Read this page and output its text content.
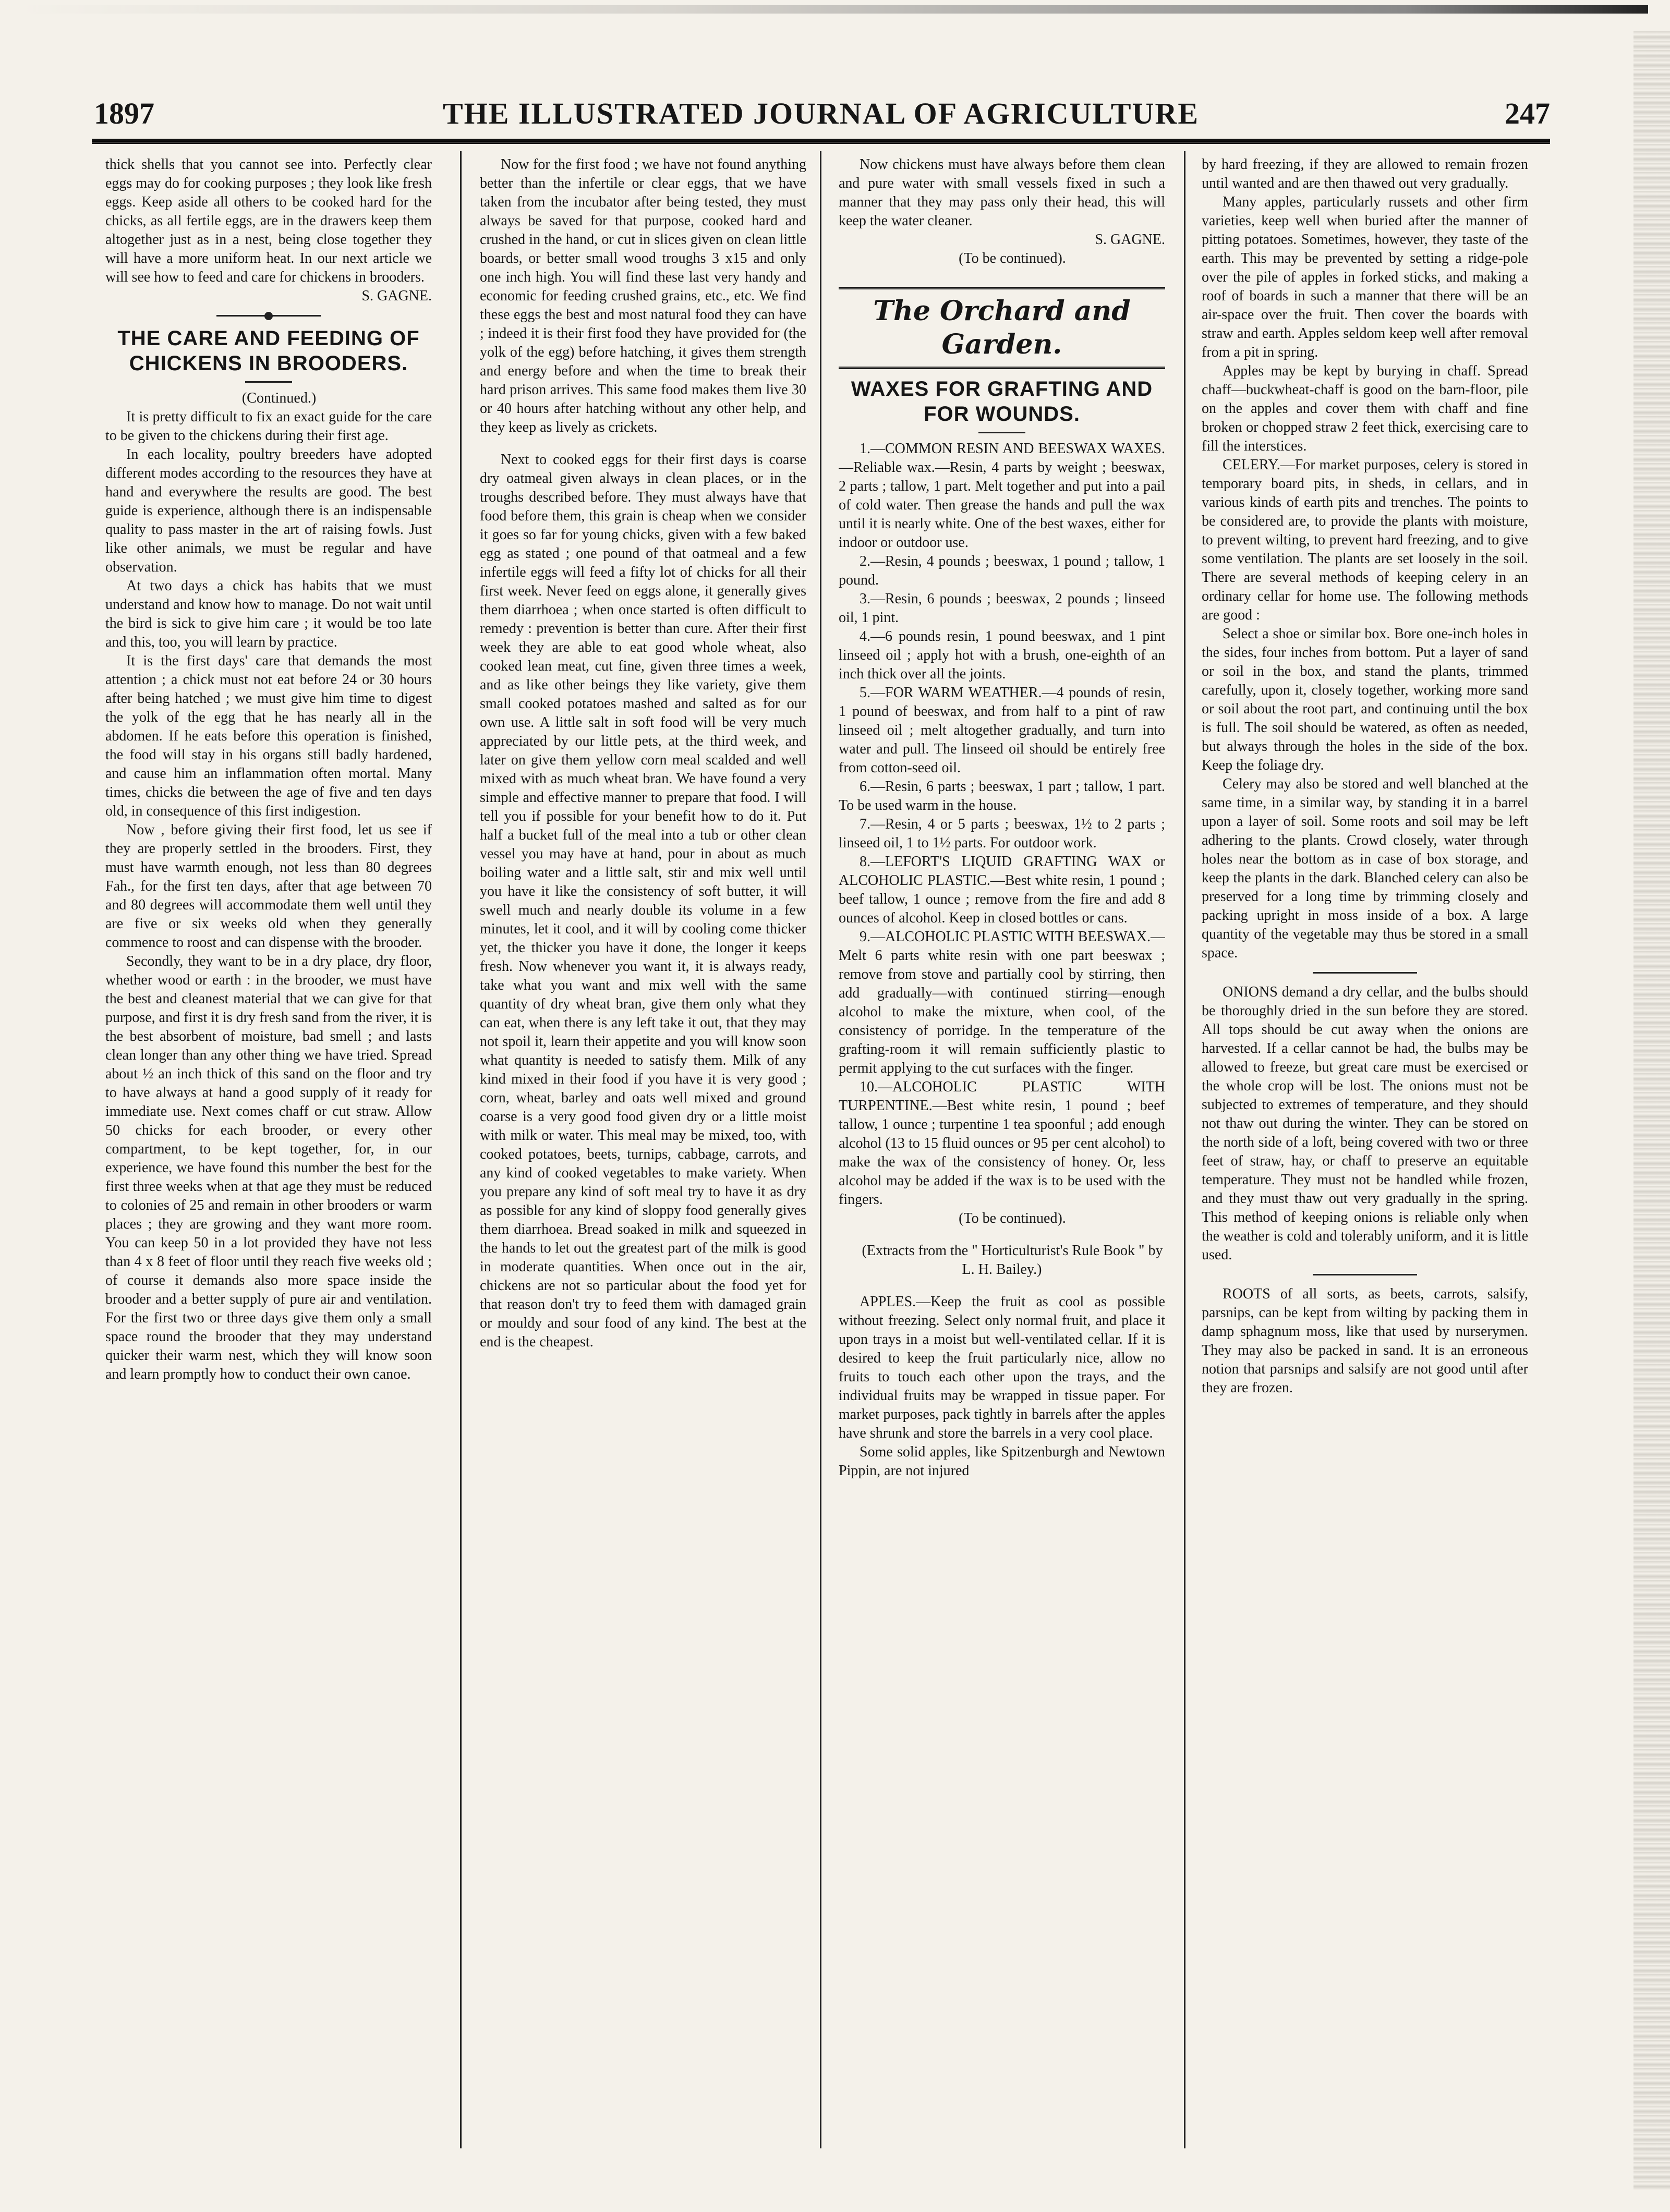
1897	THE ILLUSTRATED JOURNAL OF AGRICULTURE	247

thick shells that you cannot see into. Perfectly clear eggs may do for cooking purposes ; they look like fresh eggs. Keep aside all others to be cooked hard for the chicks, as all fertile eggs, are in the drawers keep them altogether just as in a nest, being close together they will have a more uniform heat. In our next article we will see how to feed and care for chickens in brooders.

S. GAGNE.

THE CARE AND FEEDING OF CHICKENS IN BROODERS.

(Continued.)

It is pretty difficult to fix an exact guide for the care to be given to the chickens during their first age.

In each locality, poultry breeders have adopted different modes according to the resources they have at hand and everywhere the results are good. The best guide is experience, although there is an indispensable quality to pass master in the art of raising fowls. Just like other animals, we must be regular and have observation.

At two days a chick has habits that we must understand and know how to manage. Do not wait until the bird is sick to give him care ; it would be too late and this, too, you will learn by practice.

It is the first days' care that demands the most attention ; a chick must not eat before 24 or 30 hours after being hatched ; we must give him time to digest the yolk of the egg that he has nearly all in the abdomen. If he eats before this operation is finished, the food will stay in his organs still badly hardened, and cause him an inflammation often mortal. Many times, chicks die between the age of five and ten days old, in consequence of this first indigestion.

Now , before giving their first food, let us see if they are properly settled in the brooders. First, they must have warmth enough, not less than 80 degrees Fah., for the first ten days, after that age between 70 and 80 degrees will accommodate them well until they are five or six weeks old when they generally commence to roost and can dispense with the brooder.

Secondly, they want to be in a dry place, dry floor, whether wood or earth : in the brooder, we must have the best and cleanest material that we can give for that purpose, and first it is dry fresh sand from the river, it is the best absorbent of moisture, bad smell ; and lasts clean longer than any other thing we have tried. Spread about ½ an inch thick of this sand on the floor and try to have always at hand a good supply of it ready for immediate use. Next comes chaff or cut straw. Allow 50 chicks for each brooder, or every other compartment, to be kept together, for, in our experience, we have found this number the best for the first three weeks when at that age they must be reduced to colonies of 25 and remain in other brooders or warm places ; they are growing and they want more room. You can keep 50 in a lot provided they have not less than 4 x 8 feet of floor until they reach five weeks old ; of course it demands also more space inside the brooder and a better supply of pure air and ventilation. For the first two or three days give them only a small space round the brooder that they may understand quicker their warm nest, which they will know soon and learn promptly how to conduct their own canoe.

Now for the first food ; we have not found anything better than the infertile or clear eggs, that we have taken from the incubator after being tested, they must always be saved for that purpose, cooked hard and crushed in the hand, or cut in slices given on clean little boards, or better small wood troughs 3 x15 and only one inch high. You will find these last very handy and economic for feeding crushed grains, etc., etc. We find these eggs the best and most natural food they can have ; indeed it is their first food they have provided for (the yolk of the egg) before hatching, it gives them strength and energy before and when the time to break their hard prison arrives. This same food makes them live 30 or 40 hours after hatching without any other help, and they keep as lively as crickets.

Next to cooked eggs for their first days is coarse dry oatmeal given always in clean places, or in the troughs described before. They must always have that food before them, this grain is cheap when we consider it goes so far for young chicks, given with a few baked egg as stated ; one pound of that oatmeal and a few infertile eggs will feed a fifty lot of chicks for all their first week. Never feed on eggs alone, it generally gives them diarrhoea ; when once started is often difficult to remedy : prevention is better than cure. After their first week they are able to eat good whole wheat, also cooked lean meat, cut fine, given three times a week, and as like other beings they like variety, give them small cooked potatoes mashed and salted as for our own use. A little salt in soft food will be very much appreciated by our little pets, at the third week, and later on give them yellow corn meal scalded and well mixed with as much wheat bran. We have found a very simple and effective manner to prepare that food. I will tell you if possible for your benefit how to do it. Put half a bucket full of the meal into a tub or other clean vessel you may have at hand, pour in about as much boiling water and a little salt, stir and mix well until you have it like the consistency of soft butter, it will swell much and nearly double its volume in a few minutes, let it cool, and it will by cooling come thicker yet, the thicker you have it done, the longer it keeps fresh. Now whenever you want it, it is always ready, take what you want and mix well with the same quantity of dry wheat bran, give them only what they can eat, when there is any left take it out, that they may not spoil it, learn their appetite and you will know soon what quantity is needed to satisfy them. Milk of any kind mixed in their food if you have it is very good ; corn, wheat, barley and oats well mixed and ground coarse is a very good food given dry or a little moist with milk or water. This meal may be mixed, too, with cooked potatoes, beets, turnips, cabbage, carrots, and any kind of cooked vegetables to make variety. When you prepare any kind of soft meal try to have it as dry as possible for any kind of sloppy food generally gives them diarrhoea. Bread soaked in milk and squeezed in the hands to let out the greatest part of the milk is good in moderate quantities. When once out in the air, chickens are not so particular about the food yet for that reason don't try to feed them with damaged grain or mouldy and sour food of any kind. The best at the end is the cheapest.

Now chickens must have always before them clean and pure water with small vessels fixed in such a manner that they may pass only their head, this will keep the water cleaner.

S. GAGNE.

(To be continued).

The Orchard and Garden.
WAXES FOR GRAFTING AND FOR WOUNDS.

1.—COMMON RESIN AND BEESWAX WAXES.—Reliable wax.—Resin, 4 parts by weight ; beeswax, 2 parts ; tallow, 1 part. Melt together and put into a pail of cold water. Then grease the hands and pull the wax until it is nearly white. One of the best waxes, either for indoor or outdoor use.

2.—Resin, 4 pounds ; beeswax, 1 pound ; tallow, 1 pound.

3.—Resin, 6 pounds ; beeswax, 2 pounds ; linseed oil, 1 pint.

4.—6 pounds resin, 1 pound beeswax, and 1 pint linseed oil ; apply hot with a brush, one-eighth of an inch thick over all the joints.

5.—FOR WARM WEATHER.—4 pounds of resin, 1 pound of beeswax, and from half to a pint of raw linseed oil ; melt altogether gradually, and turn into water and pull. The linseed oil should be entirely free from cotton-seed oil.

6.—Resin, 6 parts ; beeswax, 1 part ; tallow, 1 part. To be used warm in the house.

7.—Resin, 4 or 5 parts ; beeswax, 1½ to 2 parts ; linseed oil, 1 to 1½ parts. For outdoor work.

8.—LEFORT'S LIQUID GRAFTING WAX or ALCOHOLIC PLASTIC.—Best white resin, 1 pound ; beef tallow, 1 ounce ; remove from the fire and add 8 ounces of alcohol. Keep in closed bottles or cans.

9.—ALCOHOLIC PLASTIC WITH BEESWAX.—Melt 6 parts white resin with one part beeswax ; remove from stove and partially cool by stirring, then add gradually—with continued stirring—enough alcohol to make the mixture, when cool, of the consistency of porridge. In the temperature of the grafting-room it will remain sufficiently plastic to permit applying to the cut surfaces with the finger.

10.—ALCOHOLIC PLASTIC WITH TURPENTINE.—Best white resin, 1 pound ; beef tallow, 1 ounce ; turpentine 1 tea spoonful ; add enough alcohol (13 to 15 fluid ounces or 95 per cent alcohol) to make the wax of the consistency of honey. Or, less alcohol may be added if the wax is to be used with the fingers.

(To be continued).

(Extracts from the " Horticulturist's Rule Book " by L. H. Bailey.)

APPLES.—Keep the fruit as cool as possible without freezing. Select only normal fruit, and place it upon trays in a moist but well-ventilated cellar. If it is desired to keep the fruit particularly nice, allow no fruits to touch each other upon the trays, and the individual fruits may be wrapped in tissue paper. For market purposes, pack tightly in barrels after the apples have shrunk and store the barrels in a very cool place.

Some solid apples, like Spitzenburgh and Newtown Pippin, are not injured

by hard freezing, if they are allowed to remain frozen until wanted and are then thawed out very gradually.

Many apples, particularly russets and other firm varieties, keep well when buried after the manner of pitting potatoes. Sometimes, however, they taste of the earth. This may be prevented by setting a ridge-pole over the pile of apples in forked sticks, and making a roof of boards in such a manner that there will be an air-space over the fruit. Then cover the boards with straw and earth. Apples seldom keep well after removal from a pit in spring.

Apples may be kept by burying in chaff. Spread chaff—buckwheat-chaff is good on the barn-floor, pile on the apples and cover them with chaff and fine broken or chopped straw 2 feet thick, exercising care to fill the interstices.

CELERY.—For market purposes, celery is stored in temporary board pits, in sheds, in cellars, and in various kinds of earth pits and trenches. The points to be considered are, to provide the plants with moisture, to prevent wilting, to prevent hard freezing, and to give some ventilation. The plants are set loosely in the soil. There are several methods of keeping celery in an ordinary cellar for home use. The following methods are good :

Select a shoe or similar box. Bore one-inch holes in the sides, four inches from bottom. Put a layer of sand or soil in the box, and stand the plants, trimmed carefully, upon it, closely together, working more sand or soil about the root part, and continuing until the box is full. The soil should be watered, as often as needed, but always through the holes in the side of the box. Keep the foliage dry.

Celery may also be stored and well blanched at the same time, in a similar way, by standing it in a barrel upon a layer of soil. Some roots and soil may be left adhering to the plants. Crowd closely, water through holes near the bottom as in case of box storage, and keep the plants in the dark. Blanched celery can also be preserved for a long time by trimming closely and packing upright in moss inside of a box. A large quantity of the vegetable may thus be stored in a small space.

ONIONS demand a dry cellar, and the bulbs should be thoroughly dried in the sun before they are stored. All tops should be cut away when the onions are harvested. If a cellar cannot be had, the bulbs may be allowed to freeze, but great care must be exercised or the whole crop will be lost. The onions must not be subjected to extremes of temperature, and they should not thaw out during the winter. They can be stored on the north side of a loft, being covered with two or three feet of straw, hay, or chaff to preserve an equitable temperature. They must not be handled while frozen, and they must thaw out very gradually in the spring. This method of keeping onions is reliable only when the weather is cold and tolerably uniform, and it is little used.

ROOTS of all sorts, as beets, carrots, salsify, parsnips, can be kept from wilting by packing them in damp sphagnum moss, like that used by nurserymen. They may also be packed in sand. It is an erroneous notion that parsnips and salsify are not good until after they are frozen.
